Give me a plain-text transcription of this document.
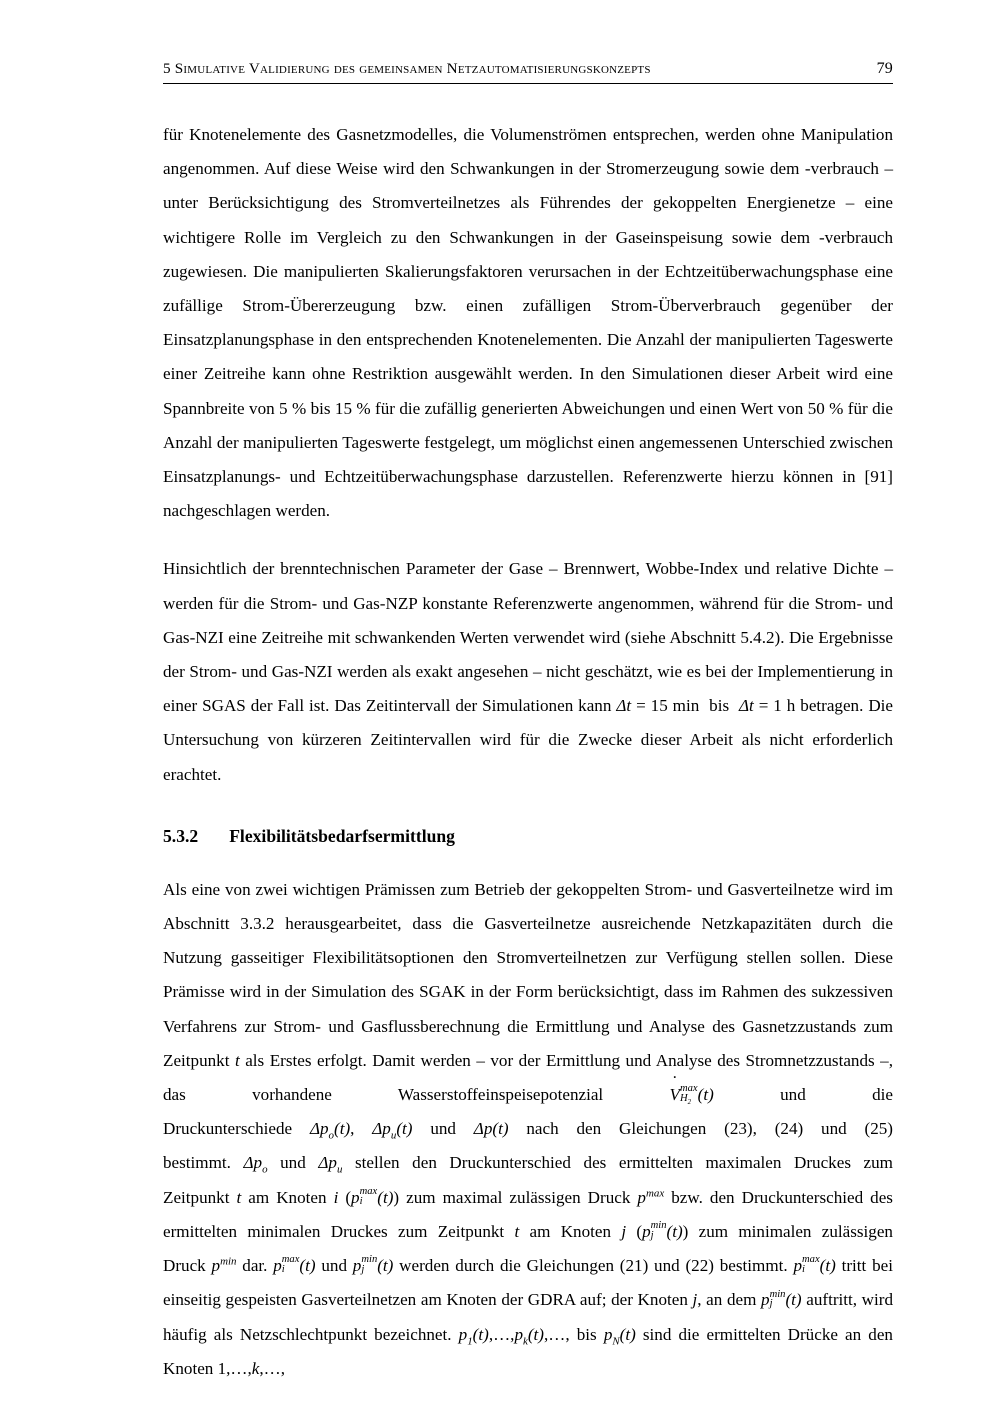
5 Simulative Validierung des gemeinsamen Netzautomatisierungskonzepts	79

für Knotenelemente des Gasnetzmodelles, die Volumenströmen entsprechen, werden ohne Manipulation angenommen. Auf diese Weise wird den Schwankungen in der Stromerzeugung sowie dem -verbrauch – unter Berücksichtigung des Stromverteilnetzes als Führendes der gekoppelten Energienetze – eine wichtigere Rolle im Vergleich zu den Schwankungen in der Gaseinspeisung sowie dem -verbrauch zugewiesen. Die manipulierten Skalierungsfaktoren verursachen in der Echtzeitüberwachungsphase eine zufällige Strom-Übererzeugung bzw. einen zufälligen Strom-Überverbrauch gegenüber der Einsatzplanungsphase in den entsprechenden Knotenelementen. Die Anzahl der manipulierten Tageswerte einer Zeitreihe kann ohne Restriktion ausgewählt werden. In den Simulationen dieser Arbeit wird eine Spannbreite von 5 % bis 15 % für die zufällig generierten Abweichungen und einen Wert von 50 % für die Anzahl der manipulierten Tageswerte festgelegt, um möglichst einen angemessenen Unterschied zwischen Einsatzplanungs- und Echtzeitüberwachungsphase darzustellen. Referenzwerte hierzu können in [91] nachgeschlagen werden.

Hinsichtlich der brenntechnischen Parameter der Gase – Brennwert, Wobbe-Index und relative Dichte – werden für die Strom- und Gas-NZP konstante Referenzwerte angenommen, während für die Strom- und Gas-NZI eine Zeitreihe mit schwankenden Werten verwendet wird (siehe Abschnitt 5.4.2). Die Ergebnisse der Strom- und Gas-NZI werden als exakt angesehen – nicht geschätzt, wie es bei der Implementierung in einer SGAS der Fall ist. Das Zeitintervall der Simulationen kann Δt = 15 min bis Δt = 1 h betragen. Die Untersuchung von kürzeren Zeitintervallen wird für die Zwecke dieser Arbeit als nicht erforderlich erachtet.

5.3.2 Flexibilitätsbedarfsermittlung

Als eine von zwei wichtigen Prämissen zum Betrieb der gekoppelten Strom- und Gasverteilnetze wird im Abschnitt 3.3.2 herausgearbeitet, dass die Gasverteilnetze ausreichende Netzkapazitäten durch die Nutzung gasseitiger Flexibilitätsoptionen den Stromverteilnetzen zur Verfügung stellen sollen. Diese Prämisse wird in der Simulation des SGAK in der Form berücksichtigt, dass im Rahmen des sukzessiven Verfahrens zur Strom- und Gasflussberechnung die Ermittlung und Analyse des Gasnetzzustands zum Zeitpunkt t als Erstes erfolgt. Damit werden – vor der Ermittlung und Analyse des Stromnetzzustands –, das vorhandene Wasserstoffeinspeisepotenzial	˙ V max
$H_2$ (t)	und die Druckunterschiede $\Delta p_o(t)$, $\Delta p_u(t)$ und Δp(t) nach den Gleichungen (23), (24) und (25) bestimmt. $\Delta p_o$ und $\Delta p_u$ stellen den Druckunterschied des ermittelten maximalen Druckes zum Zeitpunkt t am Knoten i (p max
i (t)) zum maximal zulässigen Druck $p^{max}$ bzw. den Druckunterschied des ermittelten minimalen Druckes zum Zeitpunkt t am Knoten j (p min
j (t)) zum minimalen zulässigen Druck $p^{min}$ dar. p max
i (t) und p min
j (t) werden durch die Gleichungen (21) und (22) bestimmt. p max
i (t) tritt bei einseitig gespeisten Gasverteilnetzen am Knoten der GDRA auf; der Knoten j, an dem p min
j (t) auftritt, wird häufig als Netzschlechtpunkt bezeichnet. $p_1(t),\dots,p_k(t),\dots$, bis $p_N(t)$ sind die ermittelten Drücke an den Knoten 1,…,k,…,
